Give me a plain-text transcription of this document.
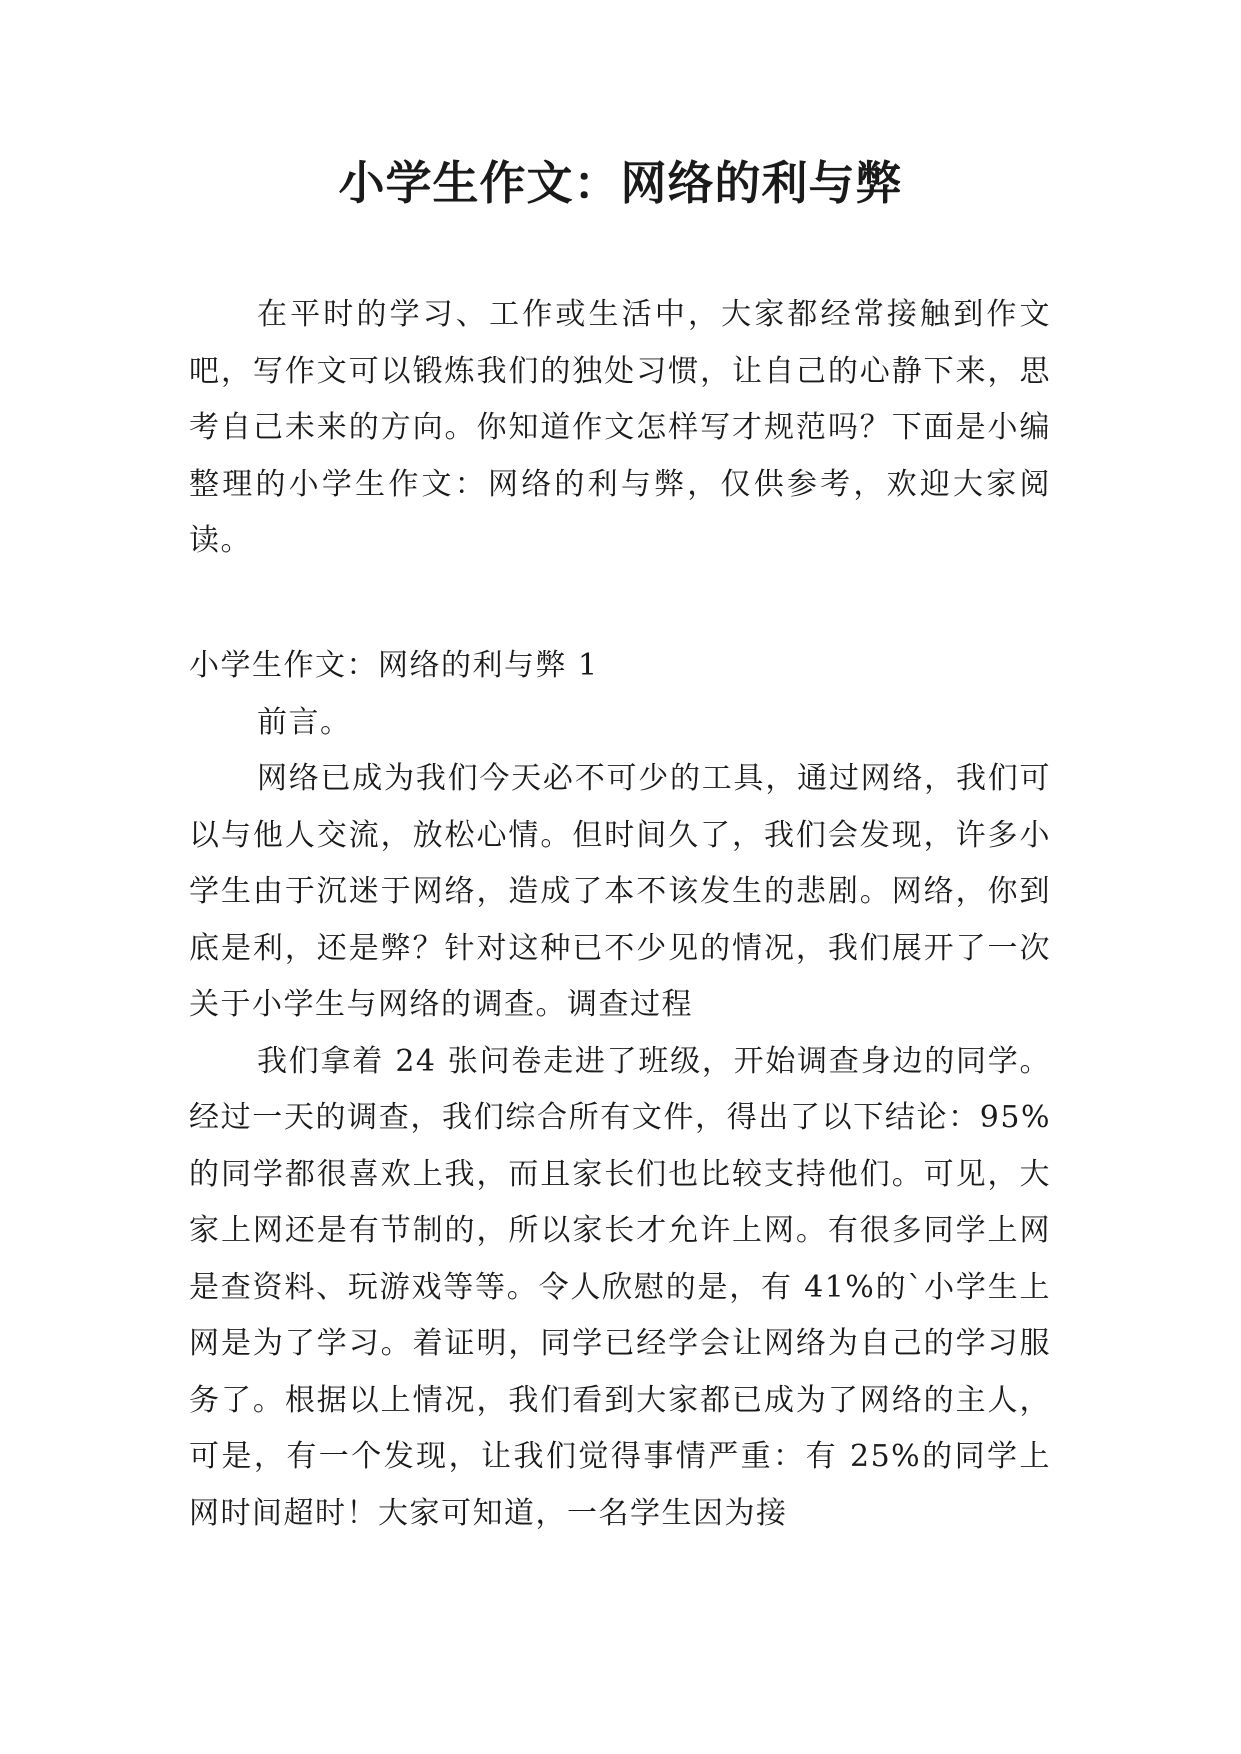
小学生作文：网络的利与弊

在平时的学习、工作或生活中，大家都经常接触到作文吧，写作文可以锻炼我们的独处习惯，让自己的心静下来，思考自己未来的方向。你知道作文怎样写才规范吗？下面是小编整理的小学生作文：网络的利与弊，仅供参考，欢迎大家阅读。

小学生作文：网络的利与弊 1

前言。

网络已成为我们今天必不可少的工具，通过网络，我们可以与他人交流，放松心情。但时间久了，我们会发现，许多小学生由于沉迷于网络，造成了本不该发生的悲剧。网络，你到底是利，还是弊？针对这种已不少见的情况，我们展开了一次关于小学生与网络的调查。调查过程

我们拿着 24 张问卷走进了班级，开始调查身边的同学。经过一天的调查，我们综合所有文件，得出了以下结论：95%的同学都很喜欢上我，而且家长们也比较支持他们。可见，大家上网还是有节制的，所以家长才允许上网。有很多同学上网是查资料、玩游戏等等。令人欣慰的是，有 41%的`小学生上网是为了学习。着证明，同学已经学会让网络为自己的学习服务了。根据以上情况，我们看到大家都已成为了网络的主人，可是，有一个发现，让我们觉得事情严重：有 25%的同学上网时间超时！大家可知道，一名学生因为接
